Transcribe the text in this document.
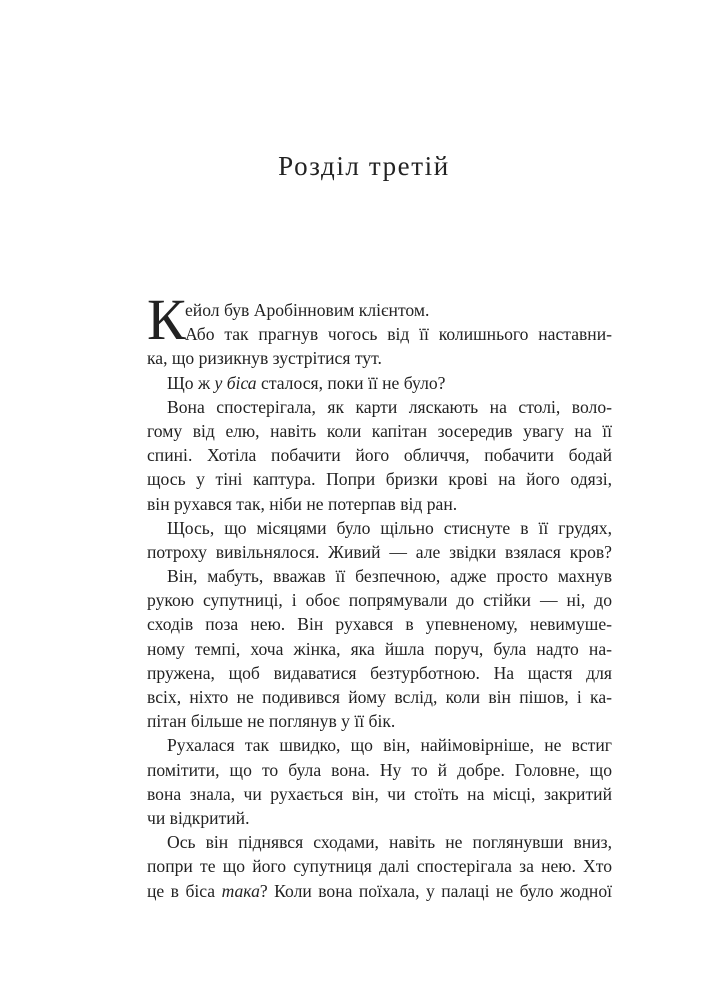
Розділ третій
К ейол був Аробінновим клієнтом.
Або так прагнув чогось від її колишнього наставни-
ка, що ризикнув зустрітися тут.
Що ж у біса сталося, поки її не було?
Вона спостерігала, як карти ляскають на столі, воло-
гому від елю, навіть коли капітан зосередив увагу на її
спині. Хотіла побачити його обличчя, побачити бодай
щось у тіні каптура. Попри бризки крові на його одязі,
він рухався так, ніби не потерпав від ран.
Щось, що місяцями було щільно стиснуте в її грудях,
потроху вивільнялося. Живий — але звідки взялася кров?
Він, мабуть, вважав її безпечною, адже просто махнув
рукою супутниці, і обоє попрямували до стійки — ні, до
сходів поза нею. Він рухався в упевненому, невимуше-
ному темпі, хоча жінка, яка йшла поруч, була надто на-
пружена, щоб видаватися безтурботною. На щастя для
всіх, ніхто не подивився йому вслід, коли він пішов, і ка-
пітан більше не поглянув у її бік.
Рухалася так швидко, що він, найімовірніше, не встиг
помітити, що то була вона. Ну то й добре. Головне, що
вона знала, чи рухається він, чи стоїть на місці, закритий
чи відкритий.
Ось він піднявся сходами, навіть не поглянувши вниз,
попри те що його супутниця далі спостерігала за нею. Хто
це в біса така? Коли вона поїхала, у палаці не було жодної
